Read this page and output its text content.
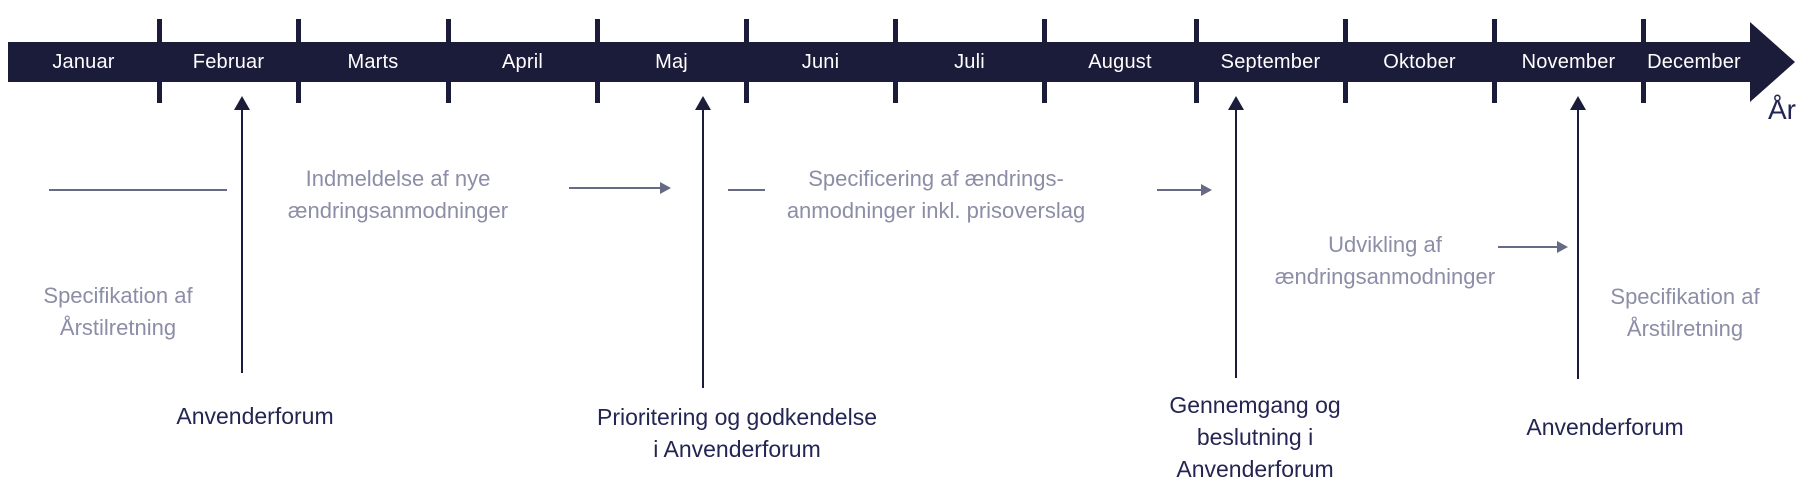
År
Januar	Februar	Marts	April	Maj	Juni	Juli	August	September	Oktober	November	December
Anvenderforum	Prioritering og godkendelse
i Anvenderforum
Gennemgang og
beslutning i
Anvenderforum
Anvenderforum
Indmeldelse af nye
ændringsanmodninger
Specificering af ændrings-
anmodninger inkl. prisoverslag
Udvikling af
ændringsanmodninger
Specifikation af
Årstilretning
Specifikation af
Årstilretning
